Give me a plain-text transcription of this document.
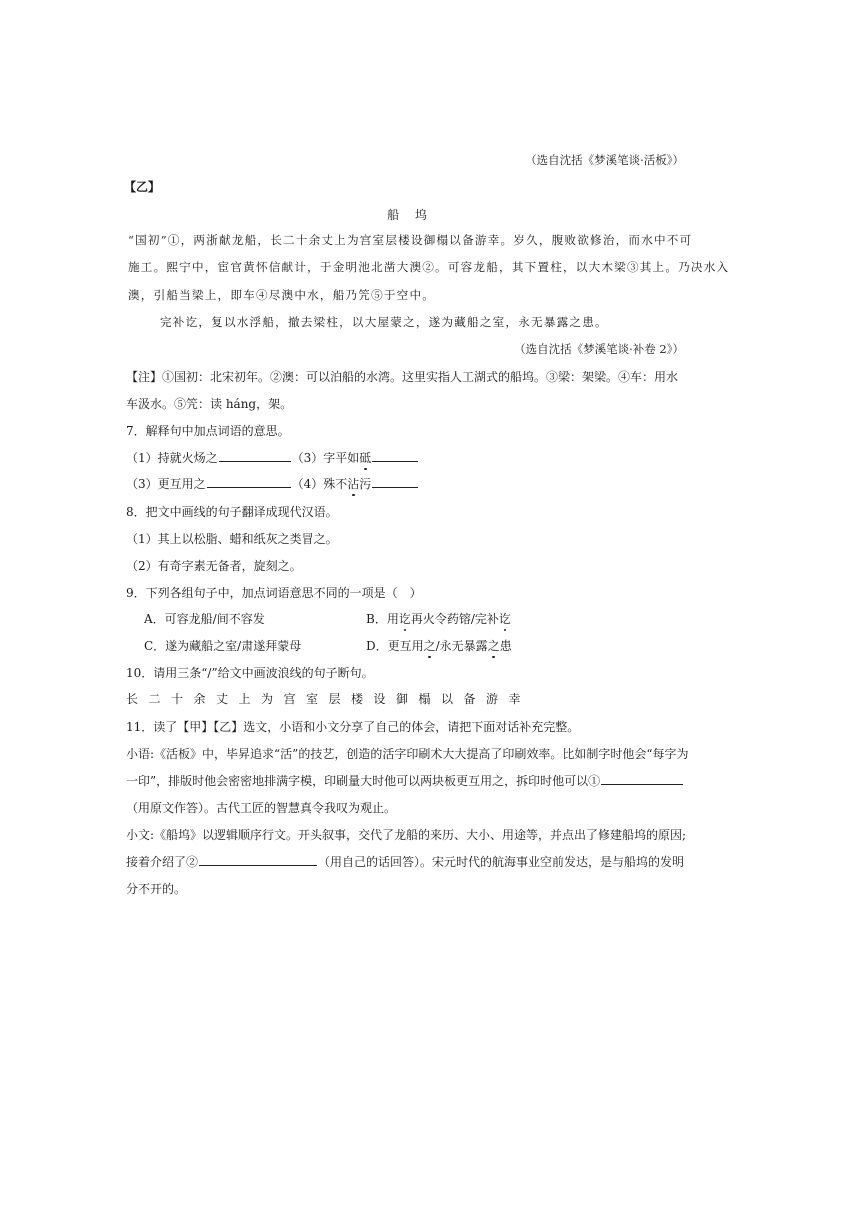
（选自沈括《梦溪笔谈·活板》）
【乙】
船 坞
“国初”①，两浙献龙船，长二十余丈上为宫室层楼设御榻以备游幸。岁久，腹败欲修治，而水中不可
施工。熙宁中，宦官黄怀信献计，于金明池北凿大澳②。可容龙船，其下置柱，以大木梁③其上。乃决水入
澳，引船当梁上，即车④尽澳中水，船乃笐⑤于空中。
完补讫，复以水浮船，撤去梁柱，以大屋蒙之，遂为藏船之室，永无暴露之患。
（选自沈括《梦溪笔谈·补卷 2》）
【注】①国初：北宋初年。②澳：可以泊船的水湾。这里实指人工湖式的船坞。③梁：架梁。④车：用水
车汲水。⑤笐：读 háng，架。
7．解释句中加点词语的意思。
（1）持就火炀之	（3）字平如砥
（3）更互用之	（4）殊不沾污
8．把文中画线的句子翻译成现代汉语。
（1）其上以松脂、蜡和纸灰之类冒之。
（2）有奇字素无备者，旋刻之。
9．下列各组句子中，加点词语意思不同的一项是（　）
A．可容龙船/间不容发	B．用讫再火令药镕/完补讫
C．遂为藏船之室/肃遂拜蒙母	D．更互用之/永无暴露之患
10．请用三条“/”给文中画波浪线的句子断句。
长二十余丈上为宫室层楼设御榻以备游幸
11．读了【甲】【乙】选文，小语和小文分享了自己的体会，请把下面对话补充完整。
小语:《活板》中，毕昇追求“活”的技艺，创造的活字印刷术大大提高了印刷效率。比如制字时他会“每字为
一印”，排版时他会密密地排满字模，印刷量大时他可以两块板更互用之，拆印时他可以①
（用原文作答）。古代工匠的智慧真令我叹为观止。
小文:《船坞》以逻辑顺序行文。开头叙事，交代了龙船的来历、大小、用途等，并点出了修建船坞的原因;
接着介绍了②	（用自己的话回答）。宋元时代的航海事业空前发达，是与船坞的发明
分不开的。
